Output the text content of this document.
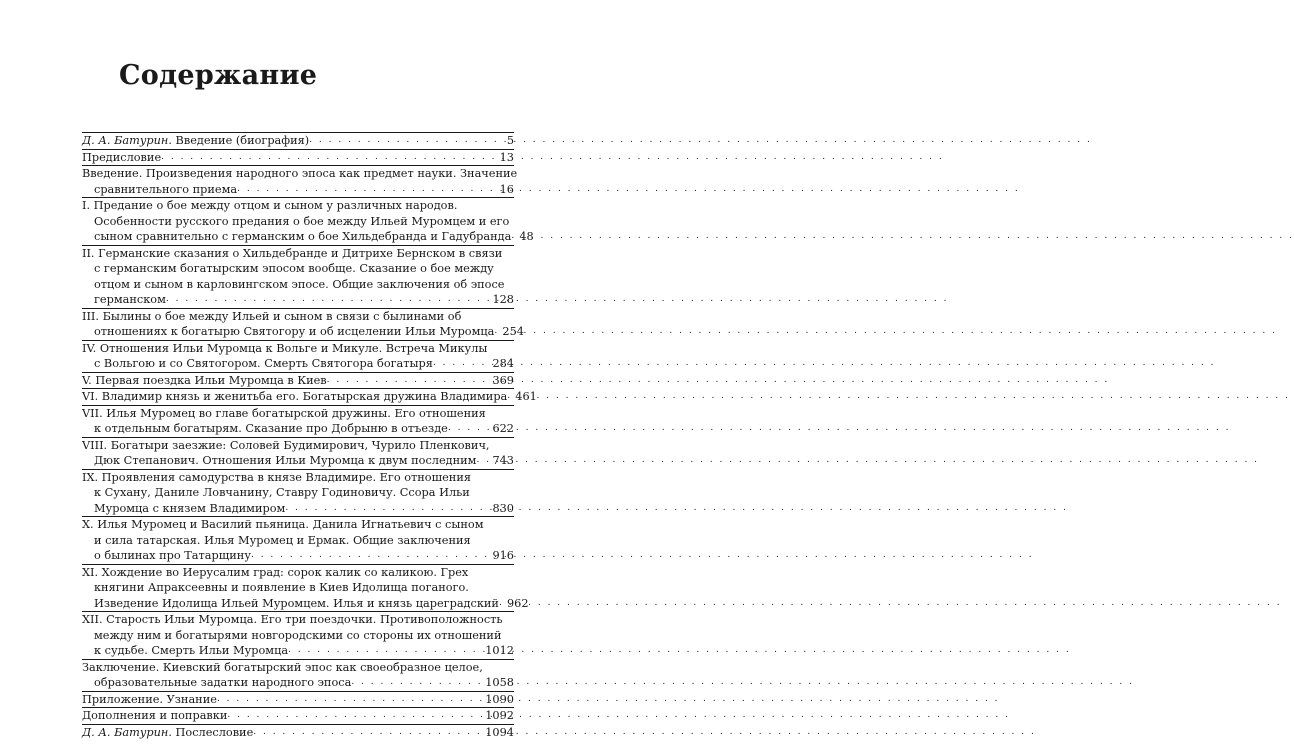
Содержание
Д. А. Батурин. Введение (биография) . . .	5
Предисловие . . .	13
Введение. Произведения народного эпоса как предмет науки. Значение
сравнительного приема . . .	16
I. Предание о бое между отцом и сыном у различных народов.
Особенности русского предания о бое между Ильей Муромцем и его
сыном сравнительно с германским о бое Хильдебранда и Гадубранда . . . 48
II. Германские сказания о Хильдебранде и Дитрихе Бернском в связи
с германским богатырским эпосом вообще. Сказание о бое между
отцом и сыном в карловингском эпосе. Общие заключения об эпосе
германском . . .	128
III. Былины о бое между Ильей и сыном в связи с былинами об
отношениях к богатырю Святогору и об исцелении Ильи Муромца . . . 254
IV. Отношения Ильи Муромца к Вольге и Микуле. Встреча Микулы
с Вольгою и со Святогором. Смерть Святогора богатыря . . .	284
V. Первая поездка Ильи Муромца в Киев . . .	369
VI. Владимир князь и женитьба его. Богатырская дружина Владимира . . . 461
VII. Илья Муромец во главе богатырской дружины. Его отношения
к отдельным богатырям. Сказание про Добрыню в отъезде . . .	622
VIII. Богатыри заезжие: Соловей Будимирович, Чурило Пленкович,
Дюк Степанович. Отношения Ильи Муромца к двум последним . . . 743
IX. Проявления самодурства в князе Владимире. Его отношения
к Сухану, Даниле Ловчанину, Ставру Годиновичу. Ссора Ильи
Муромца с князем Владимиром . . .	830
X. Илья Муромец и Василий пьяница. Данила Игнатьевич с сыном
и сила татарская. Илья Муромец и Ермак. Общие заключения
о былинах про Татарщину . . .	916
XI. Хождение во Иерусалим град: сорок калик со каликою. Грех
княгини Апраксеевны и появление в Киев Идолища поганого.
Изведение Идолища Ильей Муромцем. Илья и князь цареградский . . . 962
XII. Старость Ильи Муромца. Его три поездочки. Противоположность
между ним и богатырями новгородскими со стороны их отношений
к судьбе. Смерть Ильи Муромца . . .	1012
Заключение. Киевский богатырский эпос как своеобразное целое,
образовательные задатки народного эпоса . . .	1058
Приложение. Узнание . . .	1090
Дополнения и поправки . . .	1092
Д. А. Батурин. Послесловие . . .	1094
